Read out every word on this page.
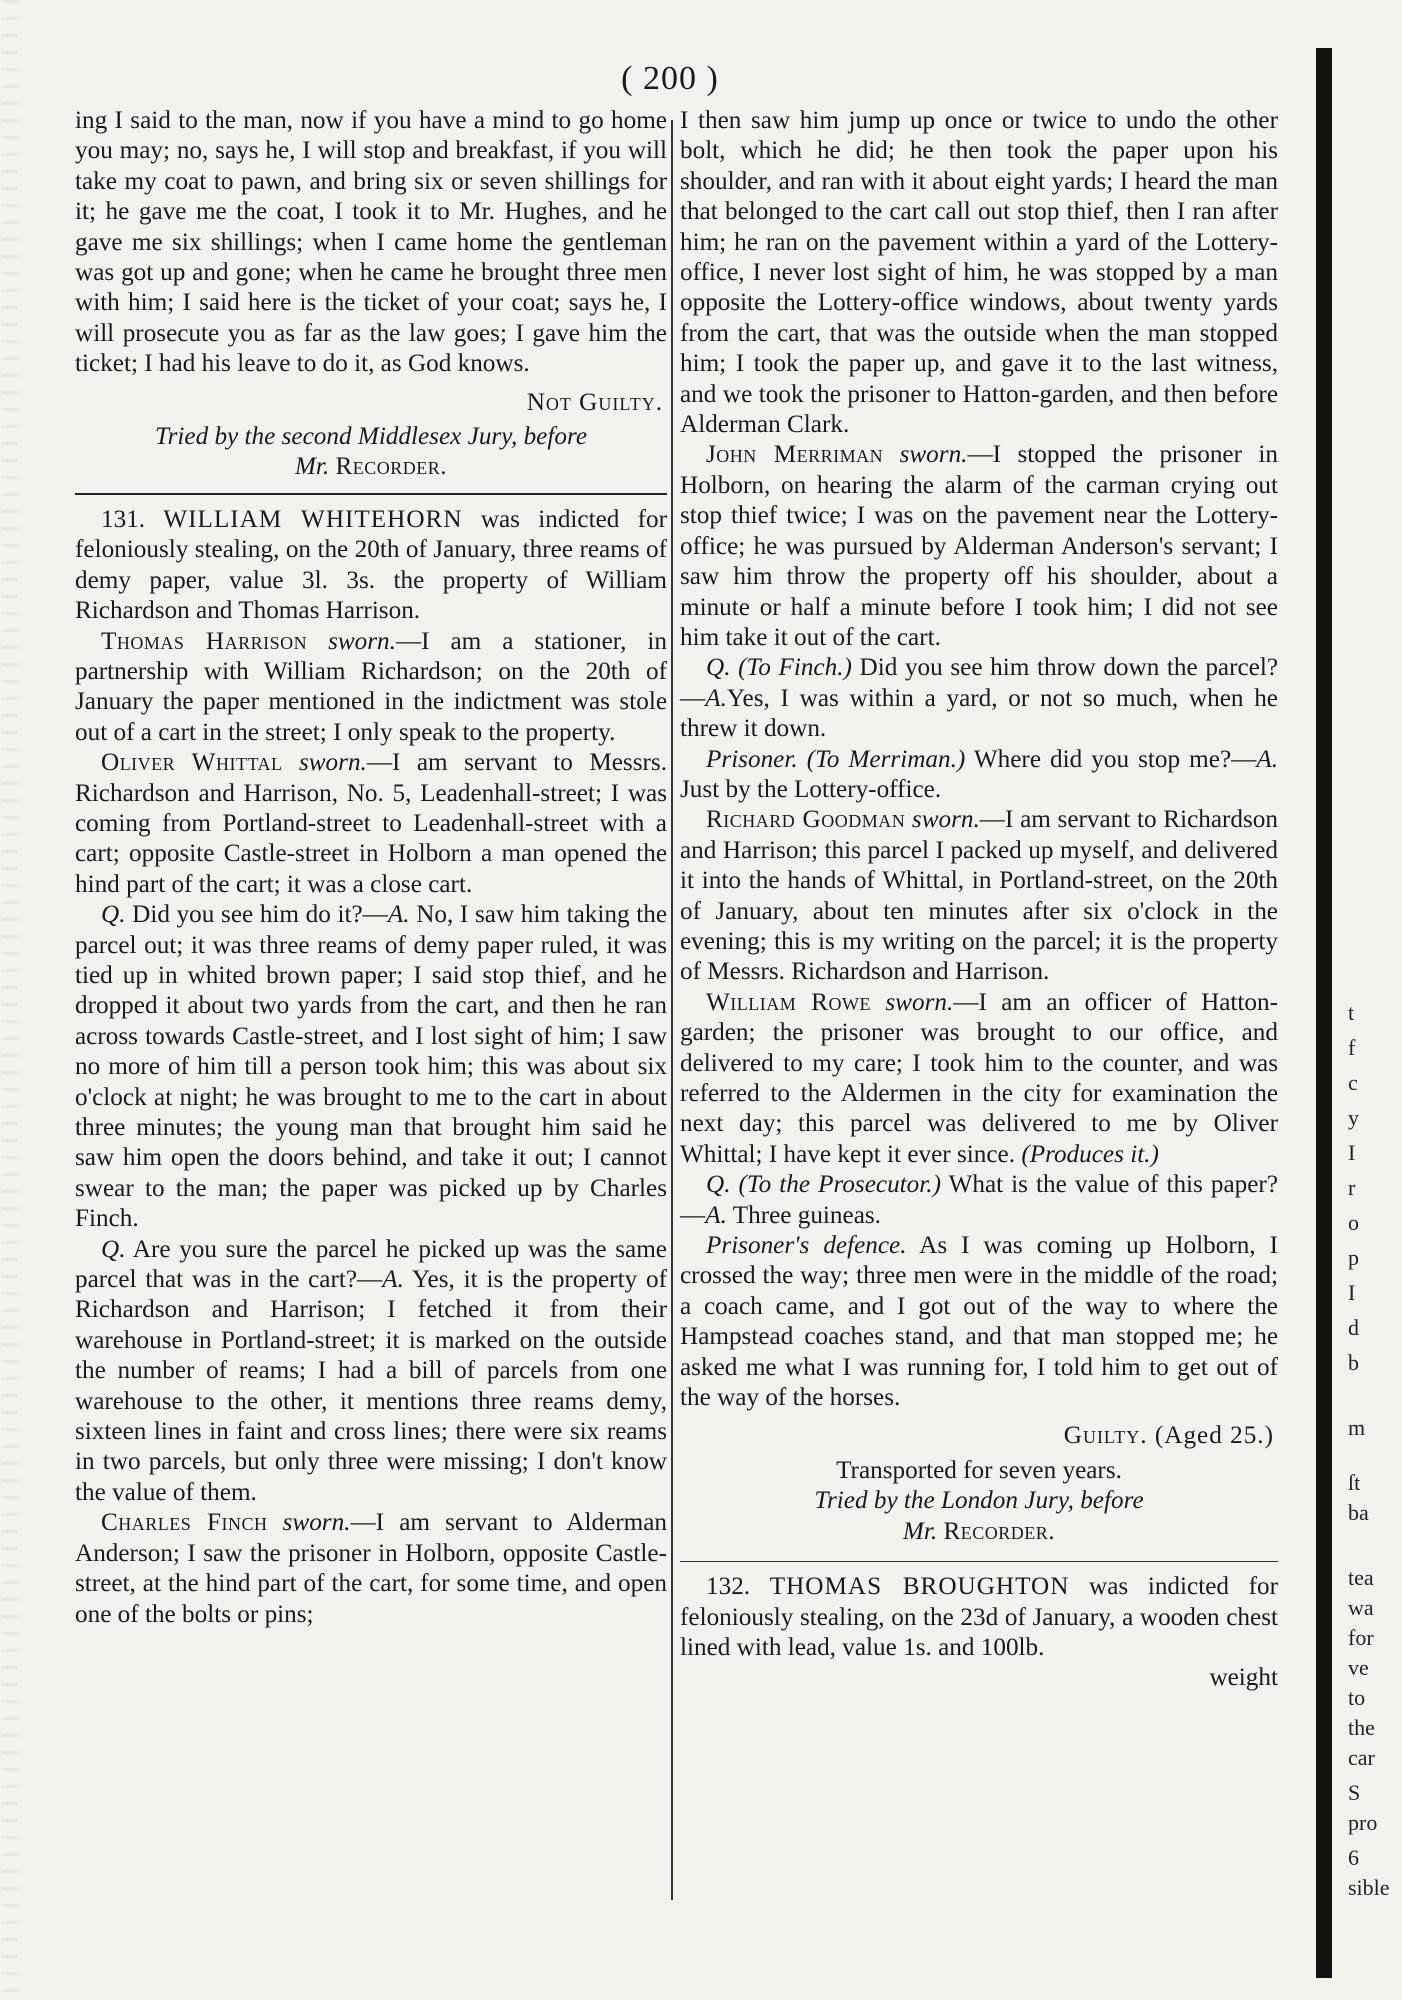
( 200 )

ing I said to the man, now if you have a mind to go home you may; no, says he, I will stop and breakfast, if you will take my coat to pawn, and bring six or seven shillings for it; he gave me the coat, I took it to Mr. Hughes, and he gave me six shillings; when I came home the gentleman was got up and gone; when he came he brought three men with him; I said here is the ticket of your coat; says he, I will prosecute you as far as the law goes; I gave him the ticket; I had his leave to do it, as God knows.

Not Guilty.

Tried by the second Middlesex Jury, before
Mr. Recorder.

131. WILLIAM WHITEHORN was indicted for feloniously stealing, on the 20th of January, three reams of demy paper, value 3l. 3s. the property of William Richardson and Thomas Harrison.

Thomas Harrison sworn.—I am a stationer, in partnership with William Richardson; on the 20th of January the paper mentioned in the indictment was stole out of a cart in the street; I only speak to the property.

Oliver Whittal sworn.—I am servant to Messrs. Richardson and Harrison, No. 5, Leadenhall-street; I was coming from Portland-street to Leadenhall-street with a cart; opposite Castle-street in Holborn a man opened the hind part of the cart; it was a close cart.

Q. Did you see him do it?—A. No, I saw him taking the parcel out; it was three reams of demy paper ruled, it was tied up in whited brown paper; I said stop thief, and he dropped it about two yards from the cart, and then he ran across towards Castle-street, and I lost sight of him; I saw no more of him till a person took him; this was about six o'clock at night; he was brought to me to the cart in about three minutes; the young man that brought him said he saw him open the doors behind, and take it out; I cannot swear to the man; the paper was picked up by Charles Finch.

Q. Are you sure the parcel he picked up was the same parcel that was in the cart?—A. Yes, it is the property of Richardson and Harrison; I fetched it from their warehouse in Portland-street; it is marked on the outside the number of reams; I had a bill of parcels from one warehouse to the other, it mentions three reams demy, sixteen lines in faint and cross lines; there were six reams in two parcels, but only three were missing; I don't know the value of them.

Charles Finch sworn.—I am servant to Alderman Anderson; I saw the prisoner in Holborn, opposite Castle-street, at the hind part of the cart, for some time, and open one of the bolts or pins;

I then saw him jump up once or twice to undo the other bolt, which he did; he then took the paper upon his shoulder, and ran with it about eight yards; I heard the man that belonged to the cart call out stop thief, then I ran after him; he ran on the pavement within a yard of the Lottery-office, I never lost sight of him, he was stopped by a man opposite the Lottery-office windows, about twenty yards from the cart, that was the outside when the man stopped him; I took the paper up, and gave it to the last witness, and we took the prisoner to Hatton-garden, and then before Alderman Clark.

John Merriman sworn.—I stopped the prisoner in Holborn, on hearing the alarm of the carman crying out stop thief twice; I was on the pavement near the Lottery-office; he was pursued by Alderman Anderson's servant; I saw him throw the property off his shoulder, about a minute or half a minute before I took him; I did not see him take it out of the cart.

Q. (To Finch.) Did you see him throw down the parcel?—A.Yes, I was within a yard, or not so much, when he threw it down.

Prisoner. (To Merriman.) Where did you stop me?—A. Just by the Lottery-office.

Richard Goodman sworn.—I am servant to Richardson and Harrison; this parcel I packed up myself, and delivered it into the hands of Whittal, in Portland-street, on the 20th of January, about ten minutes after six o'clock in the evening; this is my writing on the parcel; it is the property of Messrs. Richardson and Harrison.

William Rowe sworn.—I am an officer of Hatton-garden; the prisoner was brought to our office, and delivered to my care; I took him to the counter, and was referred to the Aldermen in the city for examination the next day; this parcel was delivered to me by Oliver Whittal; I have kept it ever since. (Produces it.)

Q. (To the Prosecutor.) What is the value of this paper?—A. Three guineas.

Prisoner's defence. As I was coming up Holborn, I crossed the way; three men were in the middle of the road; a coach came, and I got out of the way to where the Hampstead coaches stand, and that man stopped me; he asked me what I was running for, I told him to get out of the way of the horses.

Guilty. (Aged 25.)

Transported for seven years.

Tried by the London Jury, before
Mr. Recorder.

132. THOMAS BROUGHTON was indicted for feloniously stealing, on the 23d of January, a wooden chest lined with lead, value 1s. and 100lb.

weight
t
f
c
y
I
r
o
p
I
d
b
m
ſt
ba
tea
wa
for
ve
to
the
car
S
pro
6
sible
